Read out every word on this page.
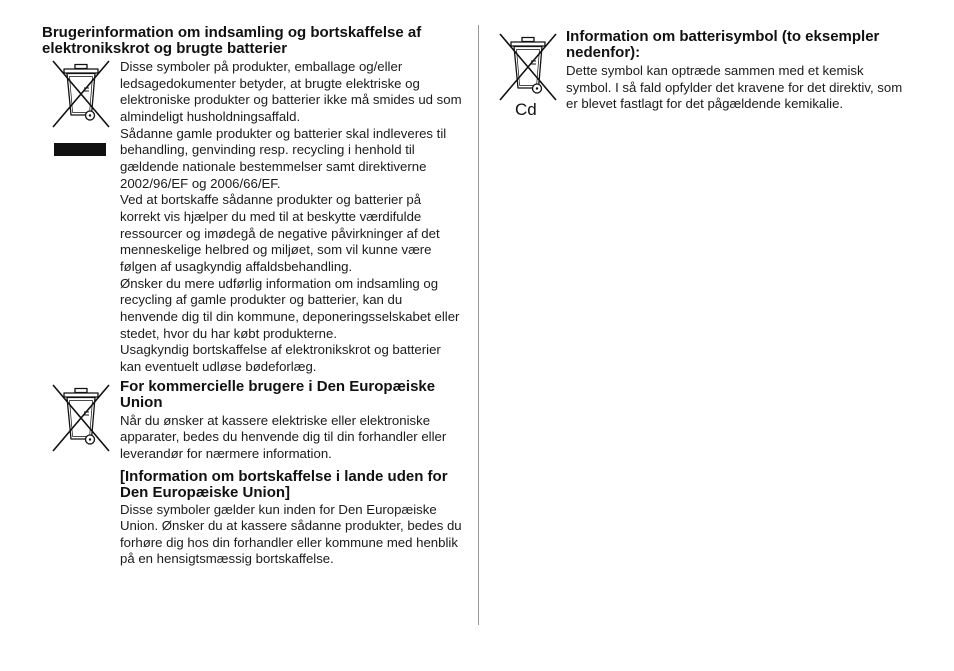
Brugerinformation om indsamling og bortskaffelse af
elektronikskrot og brugte batterier
Disse symboler på produkter, emballage og/eller
ledsagedokumenter betyder, at brugte elektriske og
elektroniske produkter og batterier ikke må smides ud som
almindeligt husholdningsaffald.
Sådanne gamle produkter og batterier skal indleveres til
behandling, genvinding resp. recycling i henhold til
gældende nationale bestemmelser samt direktiverne
2002/96/EF og 2006/66/EF.
Ved at bortskaffe sådanne produkter og batterier på
korrekt vis hjælper du med til at beskytte værdifulde
ressourcer og imødegå de negative påvirkninger af det
menneskelige helbred og miljøet, som vil kunne være
følgen af usagkyndig affaldsbehandling.
Ønsker du mere udførlig information om indsamling og
recycling af gamle produkter og batterier, kan du
henvende dig til din kommune, deponeringsselskabet eller
stedet, hvor du har købt produkterne.
Usagkyndig bortskaffelse af elektronikskrot og batterier
kan eventuelt udløse bødeforlæg.
For kommercielle brugere i Den Europæiske
Union
Når du ønsker at kassere elektriske eller elektroniske
apparater, bedes du henvende dig til din forhandler eller
leverandør for nærmere information.
[Information om bortskaffelse i lande uden for
Den Europæiske Union]
Disse symboler gælder kun inden for Den Europæiske
Union. Ønsker du at kassere sådanne produkter, bedes du
forhøre dig hos din forhandler eller kommune med henblik
på en hensigtsmæssig bortskaffelse.
Cd
Information om batterisymbol (to eksempler
nedenfor):
Dette symbol kan optræde sammen med et kemisk
symbol. I så fald opfylder det kravene for det direktiv, som
er blevet fastlagt for det pågældende kemikalie.
